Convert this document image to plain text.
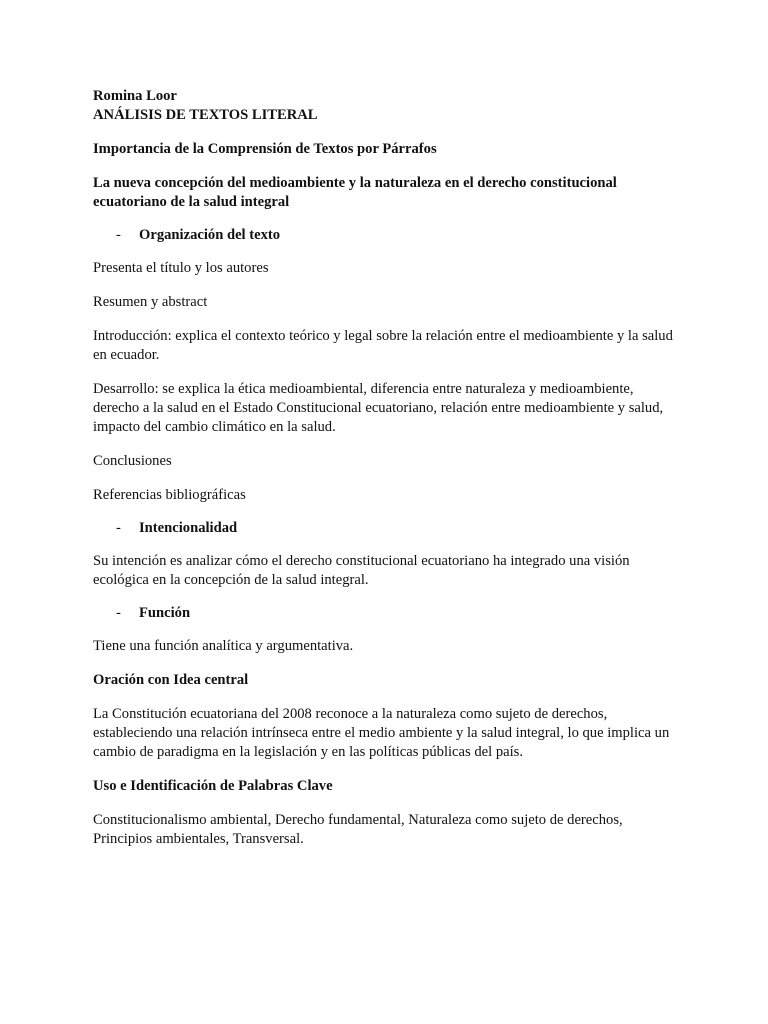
Romina Loor

ANÁLISIS DE TEXTOS LITERAL

Importancia de la Comprensión de Textos por Párrafos

La nueva concepción del medioambiente y la naturaleza en el derecho constitucional ecuatoriano de la salud integral

-	Organización del texto

Presenta el título y los autores

Resumen y abstract

Introducción: explica el contexto teórico y legal sobre la relación entre el medioambiente y la salud en ecuador.

Desarrollo: se explica la ética medioambiental, diferencia entre naturaleza y medioambiente, derecho a la salud en el Estado Constitucional ecuatoriano, relación entre medioambiente y salud, impacto del cambio climático en la salud.

Conclusiones

Referencias bibliográficas

-	Intencionalidad

Su intención es analizar cómo el derecho constitucional ecuatoriano ha integrado una visión ecológica en la concepción de la salud integral.

-	Función

Tiene una función analítica y argumentativa.

Oración con Idea central

La Constitución ecuatoriana del 2008 reconoce a la naturaleza como sujeto de derechos, estableciendo una relación intrínseca entre el medio ambiente y la salud integral, lo que implica un cambio de paradigma en la legislación y en las políticas públicas del país.

Uso e Identificación de Palabras Clave

Constitucionalismo ambiental, Derecho fundamental, Naturaleza como sujeto de derechos, Principios ambientales, Transversal.
